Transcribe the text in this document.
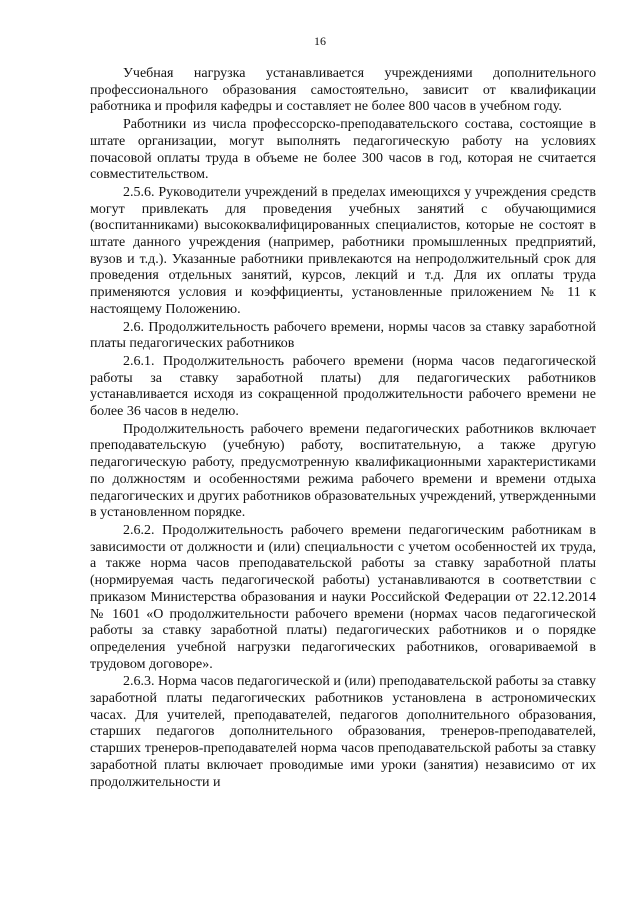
16

Учебная нагрузка устанавливается учреждениями дополнительного профессионального образования самостоятельно, зависит от квалификации работника и профиля кафедры и составляет не более 800 часов в учебном году.

Работники из числа профессорско-преподавательского состава, состоящие в штате организации, могут выполнять педагогическую работу на условиях почасовой оплаты труда в объеме не более 300 часов в год, которая не считается совместительством.

2.5.6. Руководители учреждений в пределах имеющихся у учреждения средств могут привлекать для проведения учебных занятий с обучающимися (воспитанниками) высококвалифицированных специалистов, которые не состоят в штате данного учреждения (например, работники промышленных предприятий, вузов и т.д.). Указанные работники привлекаются на непродолжительный срок для проведения отдельных занятий, курсов, лекций и т.д. Для их оплаты труда применяются условия и коэффициенты, установленные приложением № 11 к настоящему Положению.

2.6. Продолжительность рабочего времени, нормы часов за ставку заработной платы педагогических работников

2.6.1. Продолжительность рабочего времени (норма часов педагогической работы за ставку заработной платы) для педагогических работников устанавливается исходя из сокращенной продолжительности рабочего времени не более 36 часов в неделю.

Продолжительность рабочего времени педагогических работников включает преподавательскую (учебную) работу, воспитательную, а также другую педагогическую работу, предусмотренную квалификационными характеристиками по должностям и особенностями режима рабочего времени и времени отдыха педагогических и других работников образовательных учреждений, утвержденными в установленном порядке.

2.6.2. Продолжительность рабочего времени педагогическим работникам в зависимости от должности и (или) специальности с учетом особенностей их труда, а также норма часов преподавательской работы за ставку заработной платы (нормируемая часть педагогической работы) устанавливаются в соответствии с приказом Министерства образования и науки Российской Федерации от 22.12.2014 № 1601 «О продолжительности рабочего времени (нормах часов педагогической работы за ставку заработной платы) педагогических работников и о порядке определения учебной нагрузки педагогических работников, оговариваемой в трудовом договоре».

2.6.3. Норма часов педагогической и (или) преподавательской работы за ставку заработной платы педагогических работников установлена в астрономических часах. Для учителей, преподавателей, педагогов дополнительного образования, старших педагогов дополнительного образования, тренеров-преподавателей, старших тренеров-преподавателей норма часов преподавательской работы за ставку заработной платы включает проводимые ими уроки (занятия) независимо от их продолжительности и
